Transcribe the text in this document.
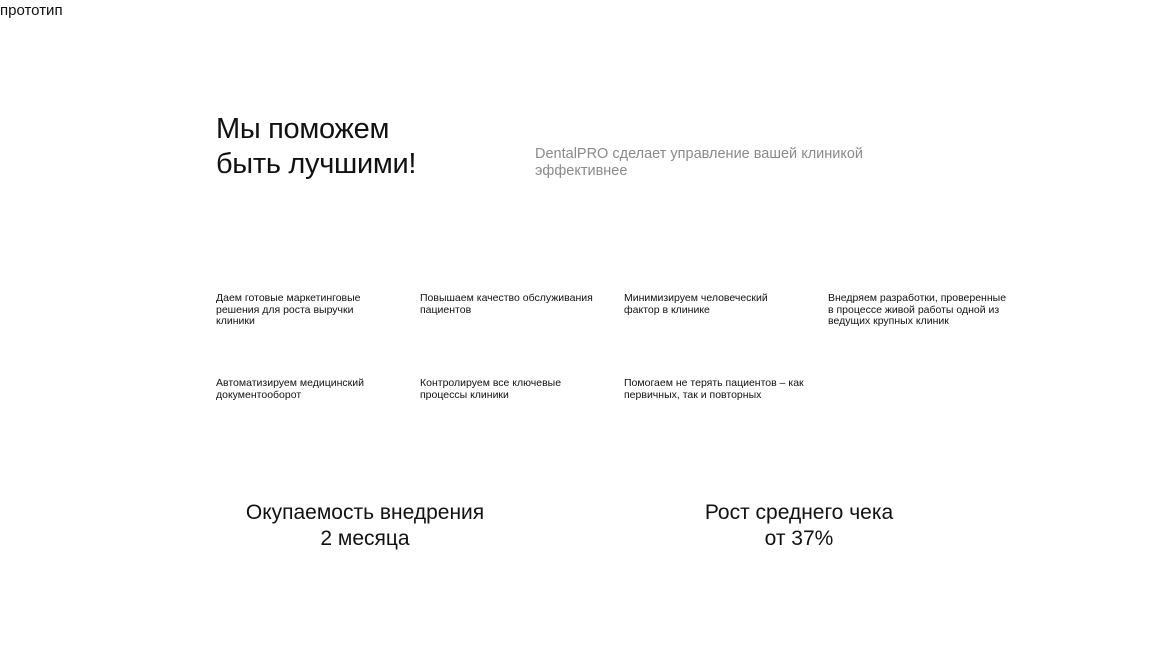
прототип
Мы поможем
быть лучшими!	DentalPRO сделает управление вашей клиникой
эффективнее

Даем готовые маркетинговые
решения для роста выручки
клиники
Повышаем качество обслуживания
пациентов
Минимизируем человеческий
фактор в клинике
Внедряем разработки, проверенные
в процессе живой работы одной из
ведущих крупных клиник
Автоматизируем медицинский
документооборот
Контролируем все ключевые
процессы клиники
Помогаем не терять пациентов – как
первичных, так и повторных
Окупаемость внедрения
2 месяца
Рост среднего чека
от 37%
